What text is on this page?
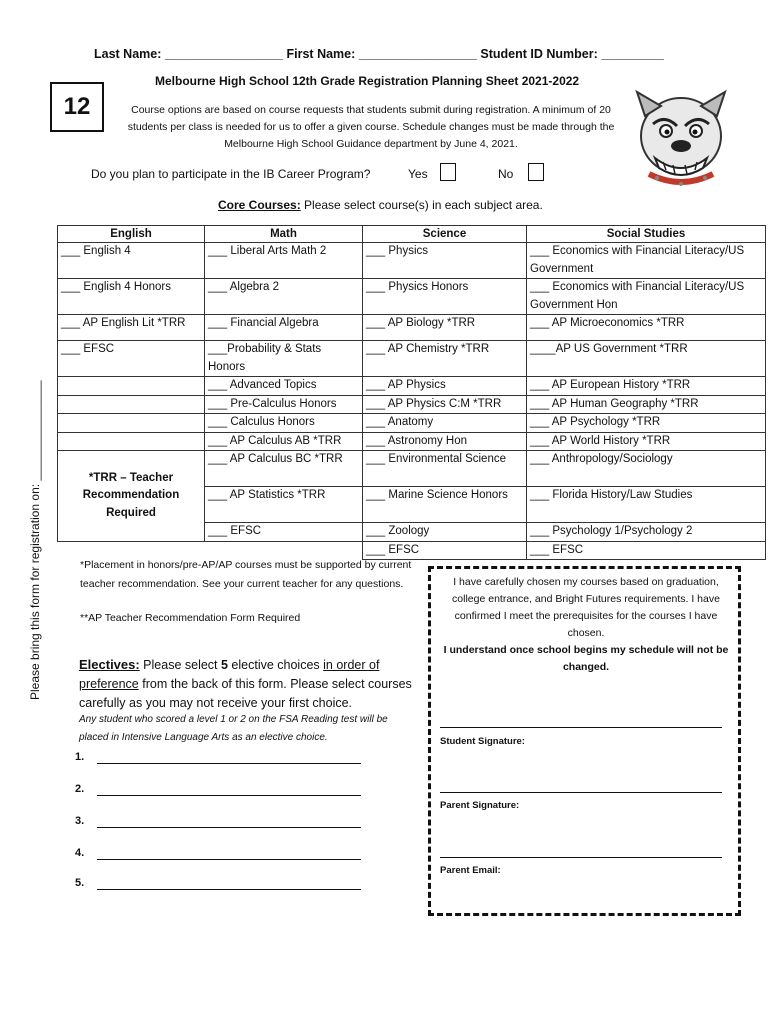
Last Name: _________________ First Name: _________________ Student ID Number: _________
Melbourne High School 12th Grade Registration Planning Sheet 2021-2022
12	Course options are based on course requests that students submit during registration. A minimum of 20 students per class is needed for us to offer a given course. Schedule changes must be made through the Melbourne High School Guidance department by June 4, 2021.
Do you plan to participate in the IB Career Program?	Yes	No
Core Courses: Please select course(s) in each subject area.
English	Math	Science	Social Studies
___ English 4	___ Liberal Arts Math 2	___ Physics	___ Economics with Financial Literacy/US Government
___ English 4 Honors	___ Algebra 2	___ Physics Honors	___ Economics with Financial Literacy/US Government Hon
___ AP English Lit *TRR	___ Financial Algebra	___ AP Biology *TRR	___ AP Microeconomics *TRR
___ EFSC	___Probability & Stats Honors	___ AP Chemistry *TRR	____AP US Government *TRR
	___ Advanced Topics	___ AP Physics	___ AP European History *TRR
	___ Pre-Calculus Honors	___ AP Physics C:M *TRR	___ AP Human Geography *TRR
	___ Calculus Honors	___ Anatomy	___ AP Psychology *TRR
	___ AP Calculus AB *TRR	___ Astronomy Hon	___ AP World History *TRR
*TRR – Teacher Recommendation Required	___ AP Calculus BC *TRR	___ Environmental Science	___ Anthropology/Sociology
	___ AP Statistics *TRR	___ Marine Science Honors	___ Florida History/Law Studies
	___ EFSC	___ Zoology	___ Psychology 1/Psychology 2
		___ EFSC	___ EFSC
Please bring this form for registration on: _______________	*Placement in honors/pre-AP/AP courses must be supported by current teacher recommendation. See your current teacher for any questions.
**AP Teacher Recommendation Form Required
Electives: Please select 5 elective choices in order of preference from the back of this form. Please select courses carefully as you may not receive your first choice.
Any student who scored a level 1 or 2 on the FSA Reading test will be placed in Intensive Language Arts as an elective choice.
1.
2.
3.
4.
5.
I have carefully chosen my courses based on graduation, college entrance, and Bright Futures requirements. I have confirmed I meet the prerequisites for the courses I have chosen.
I understand once school begins my schedule will not be changed.
Student Signature:
Parent Signature:
Parent Email:
